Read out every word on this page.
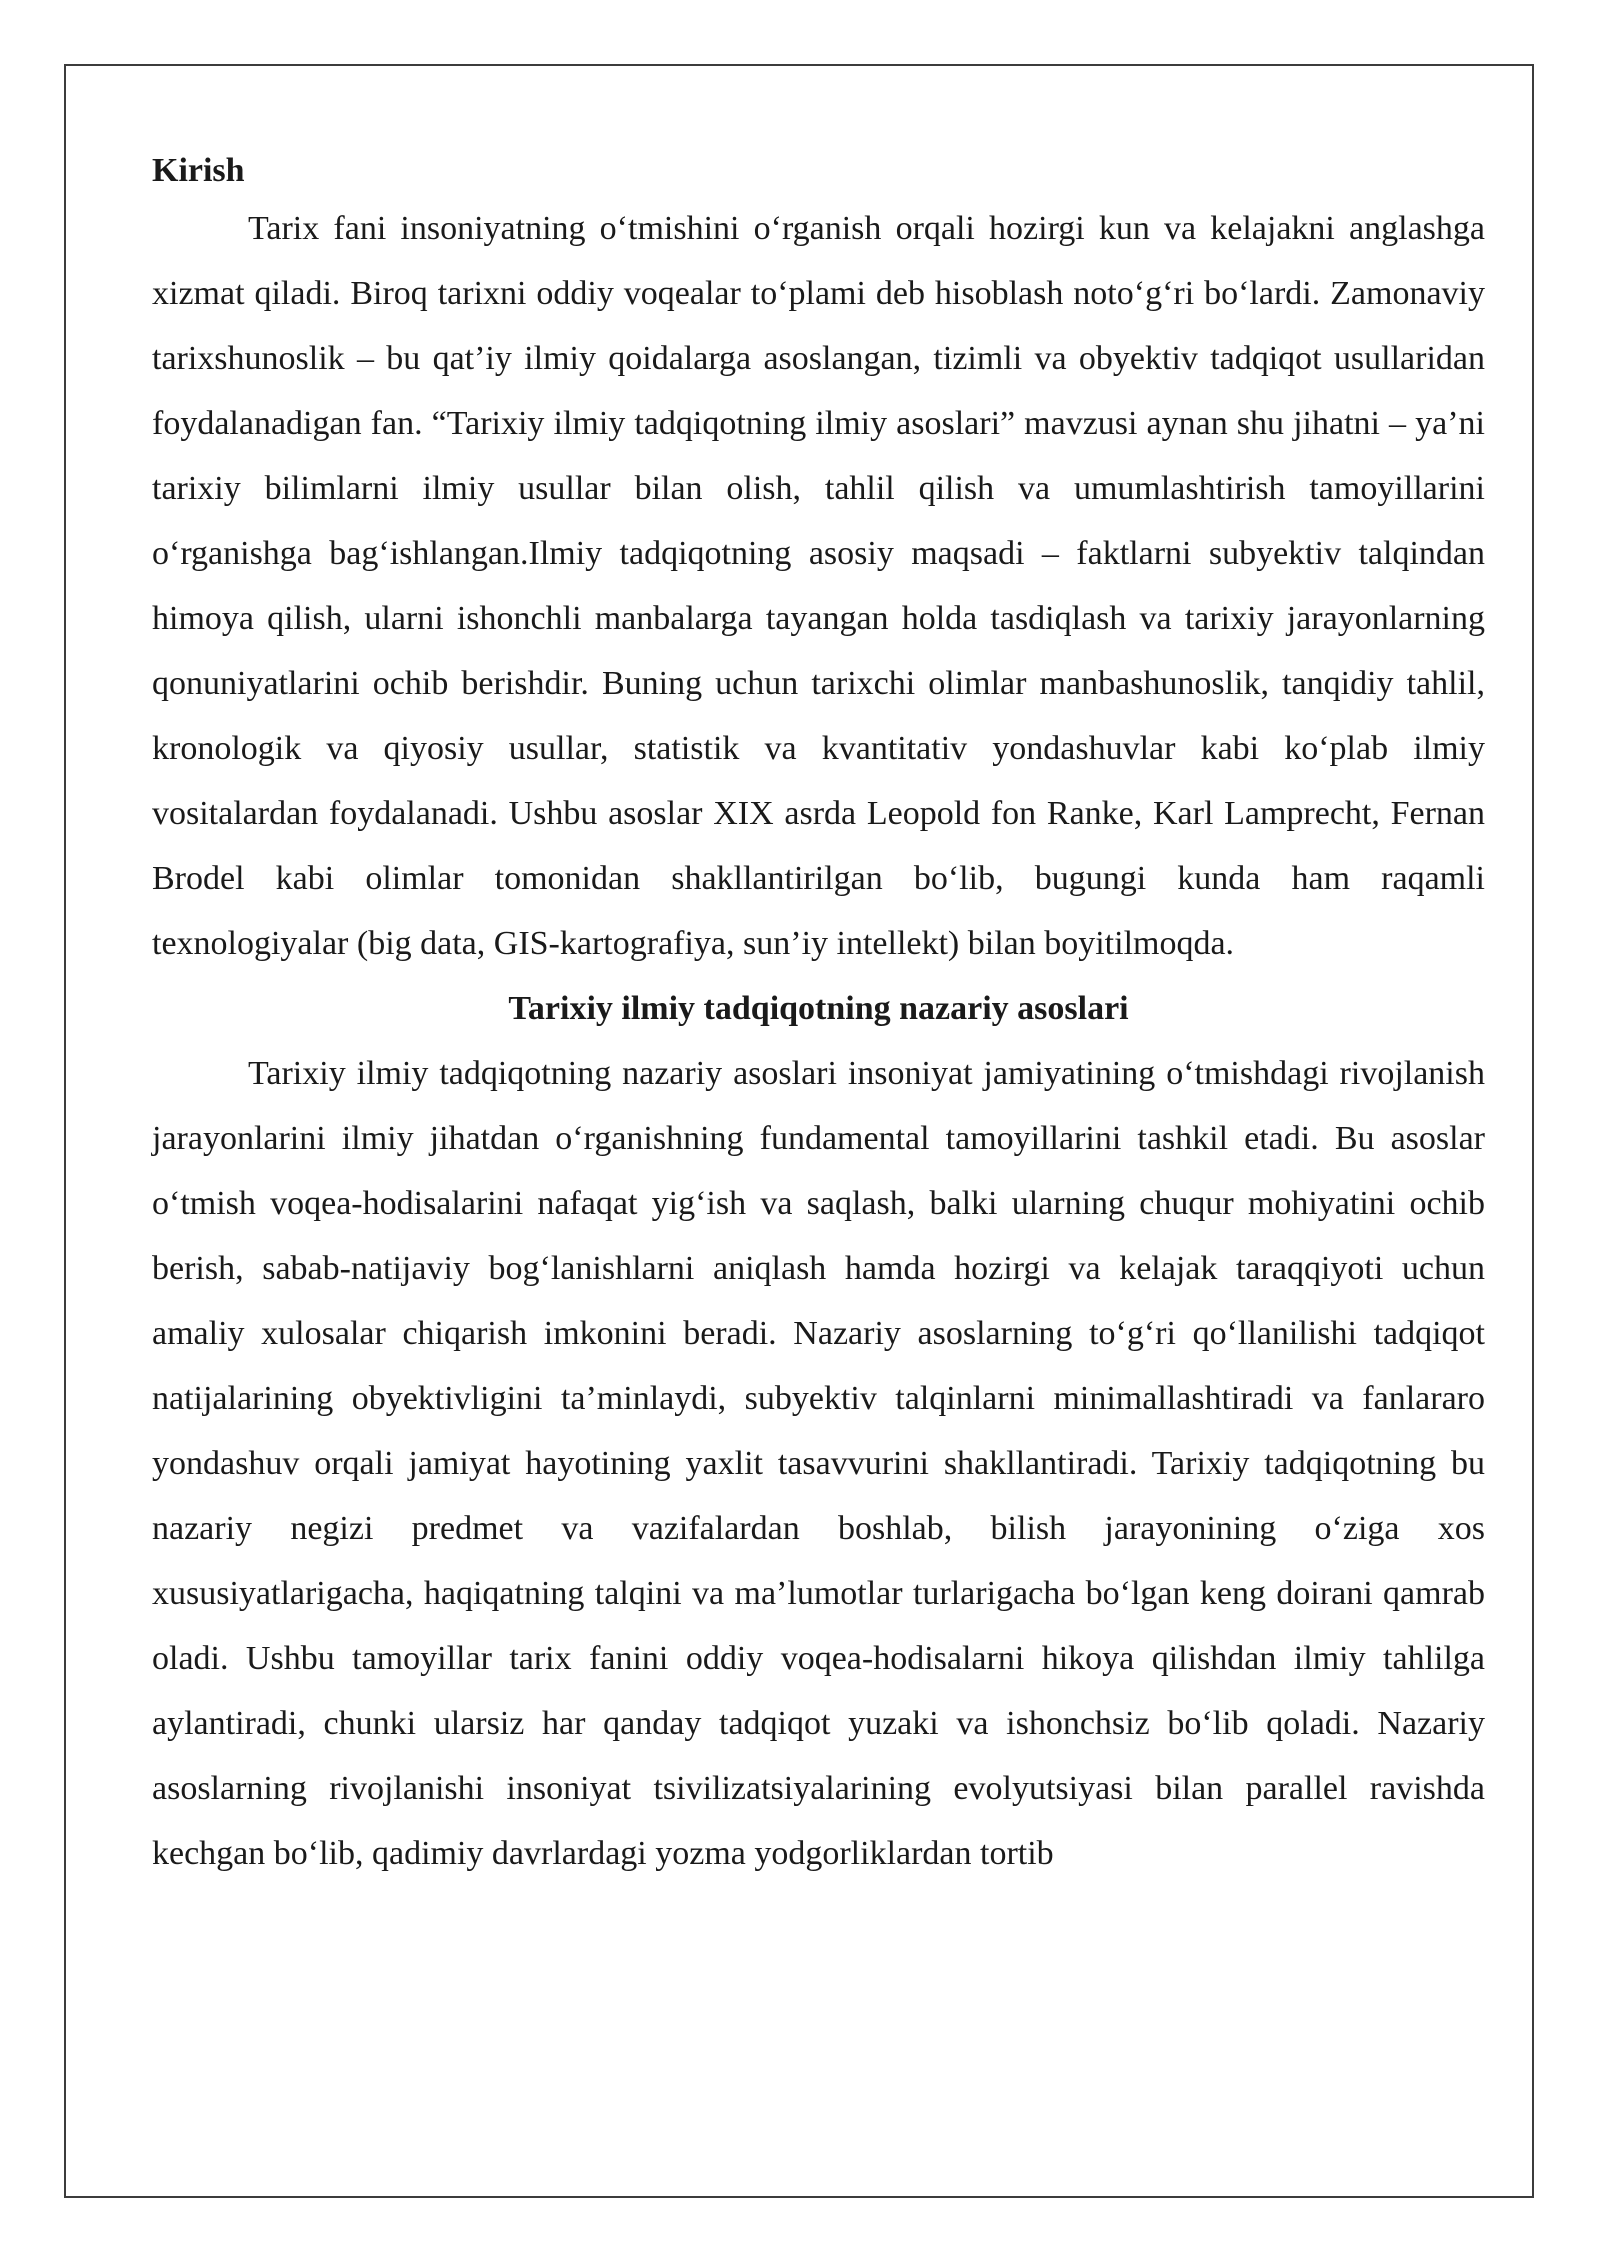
Kirish

Tarix fani insoniyatning o‘tmishini o‘rganish orqali hozirgi kun va kelajakni anglashga xizmat qiladi. Biroq tarixni oddiy voqealar to‘plami deb hisoblash noto‘g‘ri bo‘lardi. Zamonaviy tarixshunoslik – bu qat’iy ilmiy qoidalarga asoslangan, tizimli va obyektiv tadqiqot usullaridan foydalanadigan fan. “Tarixiy ilmiy tadqiqotning ilmiy asoslari” mavzusi aynan shu jihatni – ya’ni tarixiy bilimlarni ilmiy usullar bilan olish, tahlil qilish va umumlashtirish tamoyillarini o‘rganishga bag‘ishlangan.Ilmiy tadqiqotning asosiy maqsadi – faktlarni subyektiv talqindan himoya qilish, ularni ishonchli manbalarga tayangan holda tasdiqlash va tarixiy jarayonlarning qonuniyatlarini ochib berishdir. Buning uchun tarixchi olimlar manbashunoslik, tanqidiy tahlil, kronologik va qiyosiy usullar, statistik va kvantitativ yondashuvlar kabi ko‘plab ilmiy vositalardan foydalanadi. Ushbu asoslar XIX asrda Leopold fon Ranke, Karl Lamprecht, Fernan Brodel kabi olimlar tomonidan shakllantirilgan bo‘lib, bugungi kunda ham raqamli texnologiyalar (big data, GIS-kartografiya, sun’iy intellekt) bilan boyitilmoqda.

Tarixiy ilmiy tadqiqotning nazariy asoslari

Tarixiy ilmiy tadqiqotning nazariy asoslari insoniyat jamiyatining o‘tmishdagi rivojlanish jarayonlarini ilmiy jihatdan o‘rganishning fundamental tamoyillarini tashkil etadi. Bu asoslar o‘tmish voqea-hodisalarini nafaqat yig‘ish va saqlash, balki ularning chuqur mohiyatini ochib berish, sabab-natijaviy bog‘lanishlarni aniqlash hamda hozirgi va kelajak taraqqiyoti uchun amaliy xulosalar chiqarish imkonini beradi. Nazariy asoslarning to‘g‘ri qo‘llanilishi tadqiqot natijalarining obyektivligini ta’minlaydi, subyektiv talqinlarni minimallashtiradi va fanlararo yondashuv orqali jamiyat hayotining yaxlit tasavvurini shakllantiradi. Tarixiy tadqiqotning bu nazariy negizi predmet va vazifalardan boshlab, bilish jarayonining o‘ziga xos xususiyatlarigacha, haqiqatning talqini va ma’lumotlar turlarigacha bo‘lgan keng doirani qamrab oladi. Ushbu tamoyillar tarix fanini oddiy voqea-hodisalarni hikoya qilishdan ilmiy tahlilga aylantiradi, chunki ularsiz har qanday tadqiqot yuzaki va ishonchsiz bo‘lib qoladi. Nazariy asoslarning rivojlanishi insoniyat tsivilizatsiyalarining evolyutsiyasi bilan parallel ravishda kechgan bo‘lib, qadimiy davrlardagi yozma yodgorliklardan tortib
